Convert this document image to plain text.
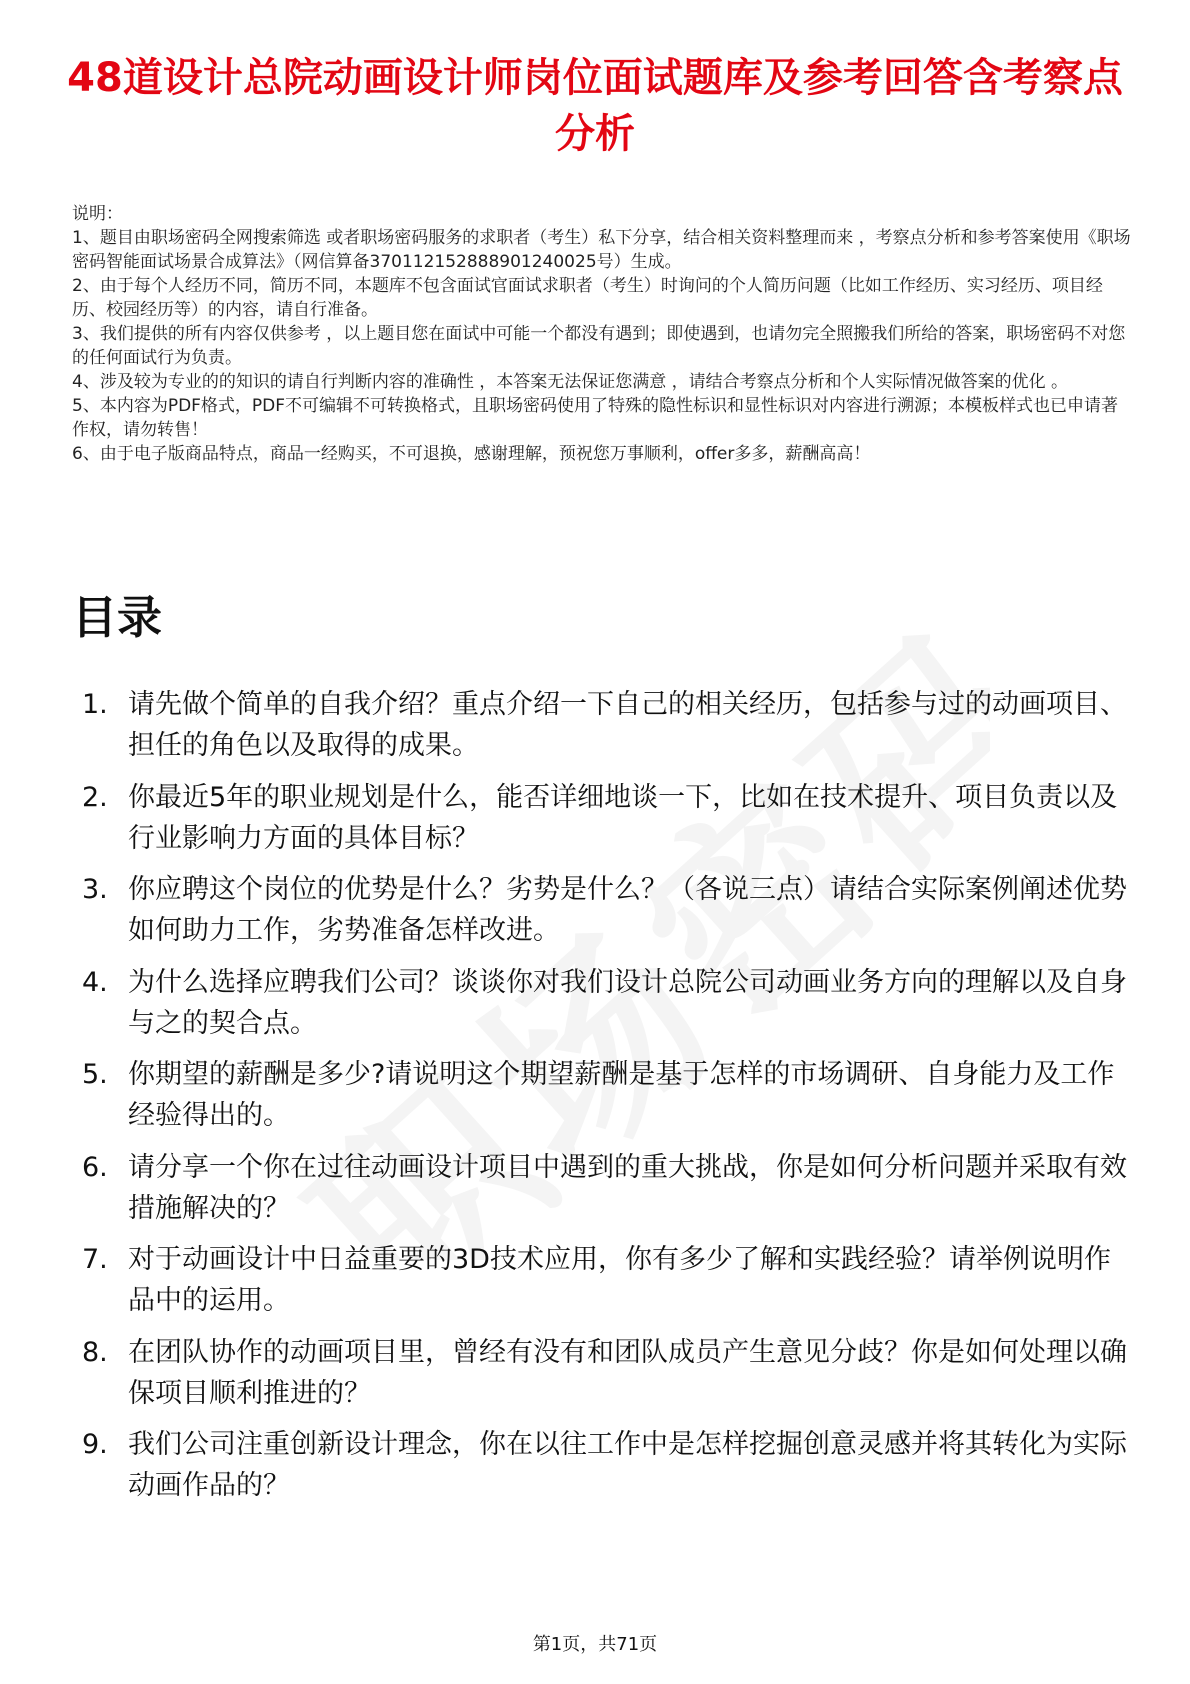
48道设计总院动画设计师岗位面试题库及参考回答含考察点分析
说明：
1、题目由职场密码全网搜索筛选 或者职场密码服务的求职者（考生）私下分享，结合相关资料整理而来 ，考察点分析和参考答案使用《职场密码智能面试场景合成算法》（网信算备370112152888901240025号）生成。
2、由于每个人经历不同，简历不同，本题库不包含面试官面试求职者（考生）时询问的个人简历问题（比如工作经历、实习经历、项目经历、校园经历等）的内容，请自行准备。
3、我们提供的所有内容仅供参考 ，以上题目您在面试中可能一个都没有遇到；即使遇到，也请勿完全照搬我们所给的答案，职场密码不对您的任何面试行为负责。
4、涉及较为专业的的知识的请自行判断内容的准确性 ，本答案无法保证您满意 ，请结合考察点分析和个人实际情况做答案的优化 。
5、本内容为PDF格式，PDF不可编辑不可转换格式，且职场密码使用了特殊的隐性标识和显性标识对内容进行溯源；本模板样式也已申请著作权，请勿转售！
6、由于电子版商品特点，商品一经购买，不可退换，感谢理解，预祝您万事顺利，offer多多，薪酬高高！
目录
1. 请先做个简单的自我介绍？重点介绍一下自己的相关经历，包括参与过的动画项目、担任的角色以及取得的成果。
2. 你最近5年的职业规划是什么，能否详细地谈一下，比如在技术提升、项目负责以及行业影响力方面的具体目标？
3. 你应聘这个岗位的优势是什么？劣势是什么？（各说三点）请结合实际案例阐述优势如何助力工作，劣势准备怎样改进。
4. 为什么选择应聘我们公司？谈谈你对我们设计总院公司动画业务方向的理解以及自身与之的契合点。
5. 你期望的薪酬是多少?请说明这个期望薪酬是基于怎样的市场调研、自身能力及工作经验得出的。
6. 请分享一个你在过往动画设计项目中遇到的重大挑战，你是如何分析问题并采取有效措施解决的？
7. 对于动画设计中日益重要的3D技术应用，你有多少了解和实践经验？请举例说明作品中的运用。
8. 在团队协作的动画项目里，曾经有没有和团队成员产生意见分歧？你是如何处理以确保项目顺利推进的？
9. 我们公司注重创新设计理念，你在以往工作中是怎样挖掘创意灵感并将其转化为实际动画作品的？
第1页，共71页
